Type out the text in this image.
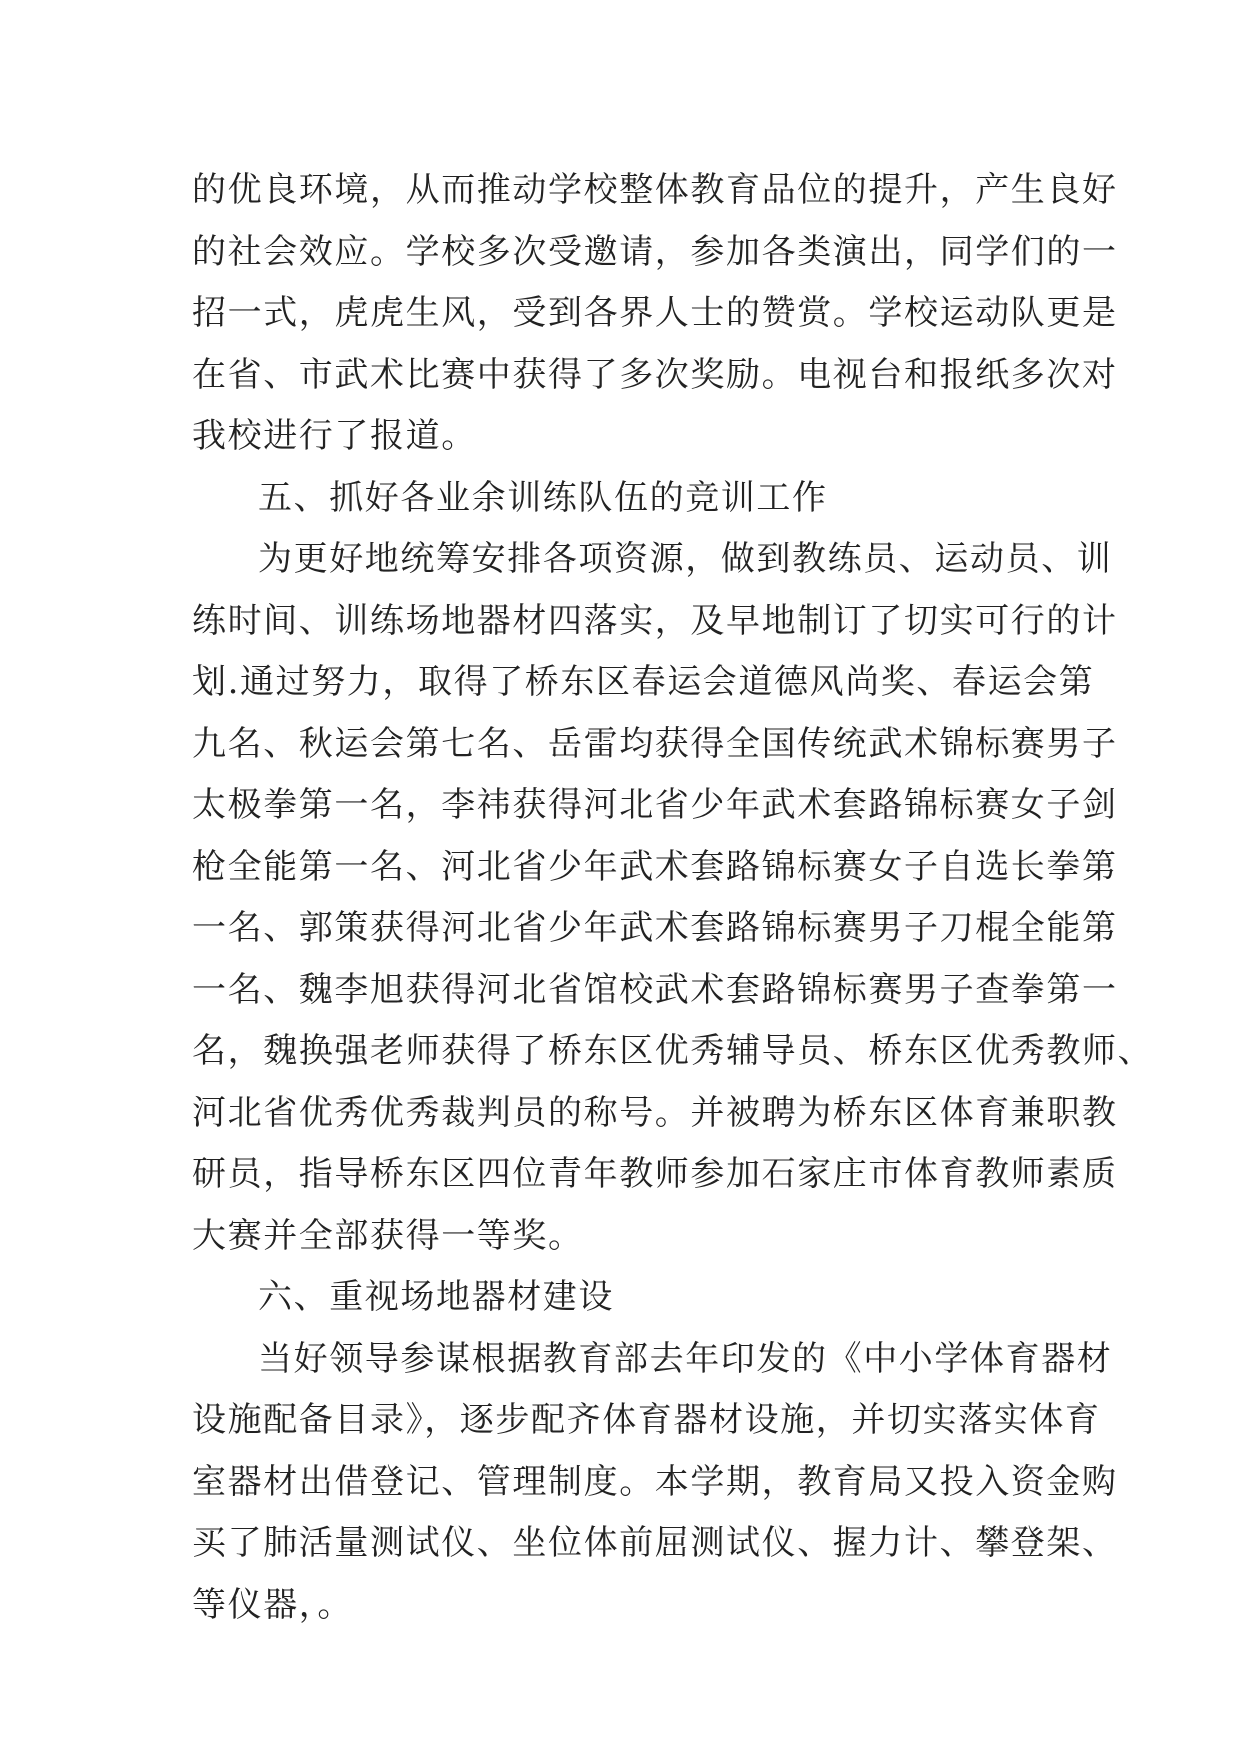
的优良环境，从而推动学校整体教育品位的提升，产生良好
的社会效应。学校多次受邀请，参加各类演出，同学们的一
招一式，虎虎生风，受到各界人士的赞赏。学校运动队更是
在省、市武术比赛中获得了多次奖励。电视台和报纸多次对
我校进行了报道。
五、抓好各业余训练队伍的竞训工作
为更好地统筹安排各项资源，做到教练员、运动员、训
练时间、训练场地器材四落实，及早地制订了切实可行的计
划.通过努力，取得了桥东区春运会道德风尚奖、春运会第
九名、秋运会第七名、岳雷均获得全国传统武术锦标赛男子
太极拳第一名，李祎获得河北省少年武术套路锦标赛女子剑
枪全能第一名、河北省少年武术套路锦标赛女子自选长拳第
一名、郭策获得河北省少年武术套路锦标赛男子刀棍全能第
一名、魏李旭获得河北省馆校武术套路锦标赛男子查拳第一
名，魏换强老师获得了桥东区优秀辅导员、桥东区优秀教师、
河北省优秀优秀裁判员的称号。并被聘为桥东区体育兼职教
研员，指导桥东区四位青年教师参加石家庄市体育教师素质
大赛并全部获得一等奖。
六、重视场地器材建设
当好领导参谋根据教育部去年印发的《中小学体育器材
设施配备目录》，逐步配齐体育器材设施，并切实落实体育
室器材出借登记、管理制度。本学期，教育局又投入资金购
买了肺活量测试仪、坐位体前屈测试仪、握力计、攀登架、
等仪器，。
